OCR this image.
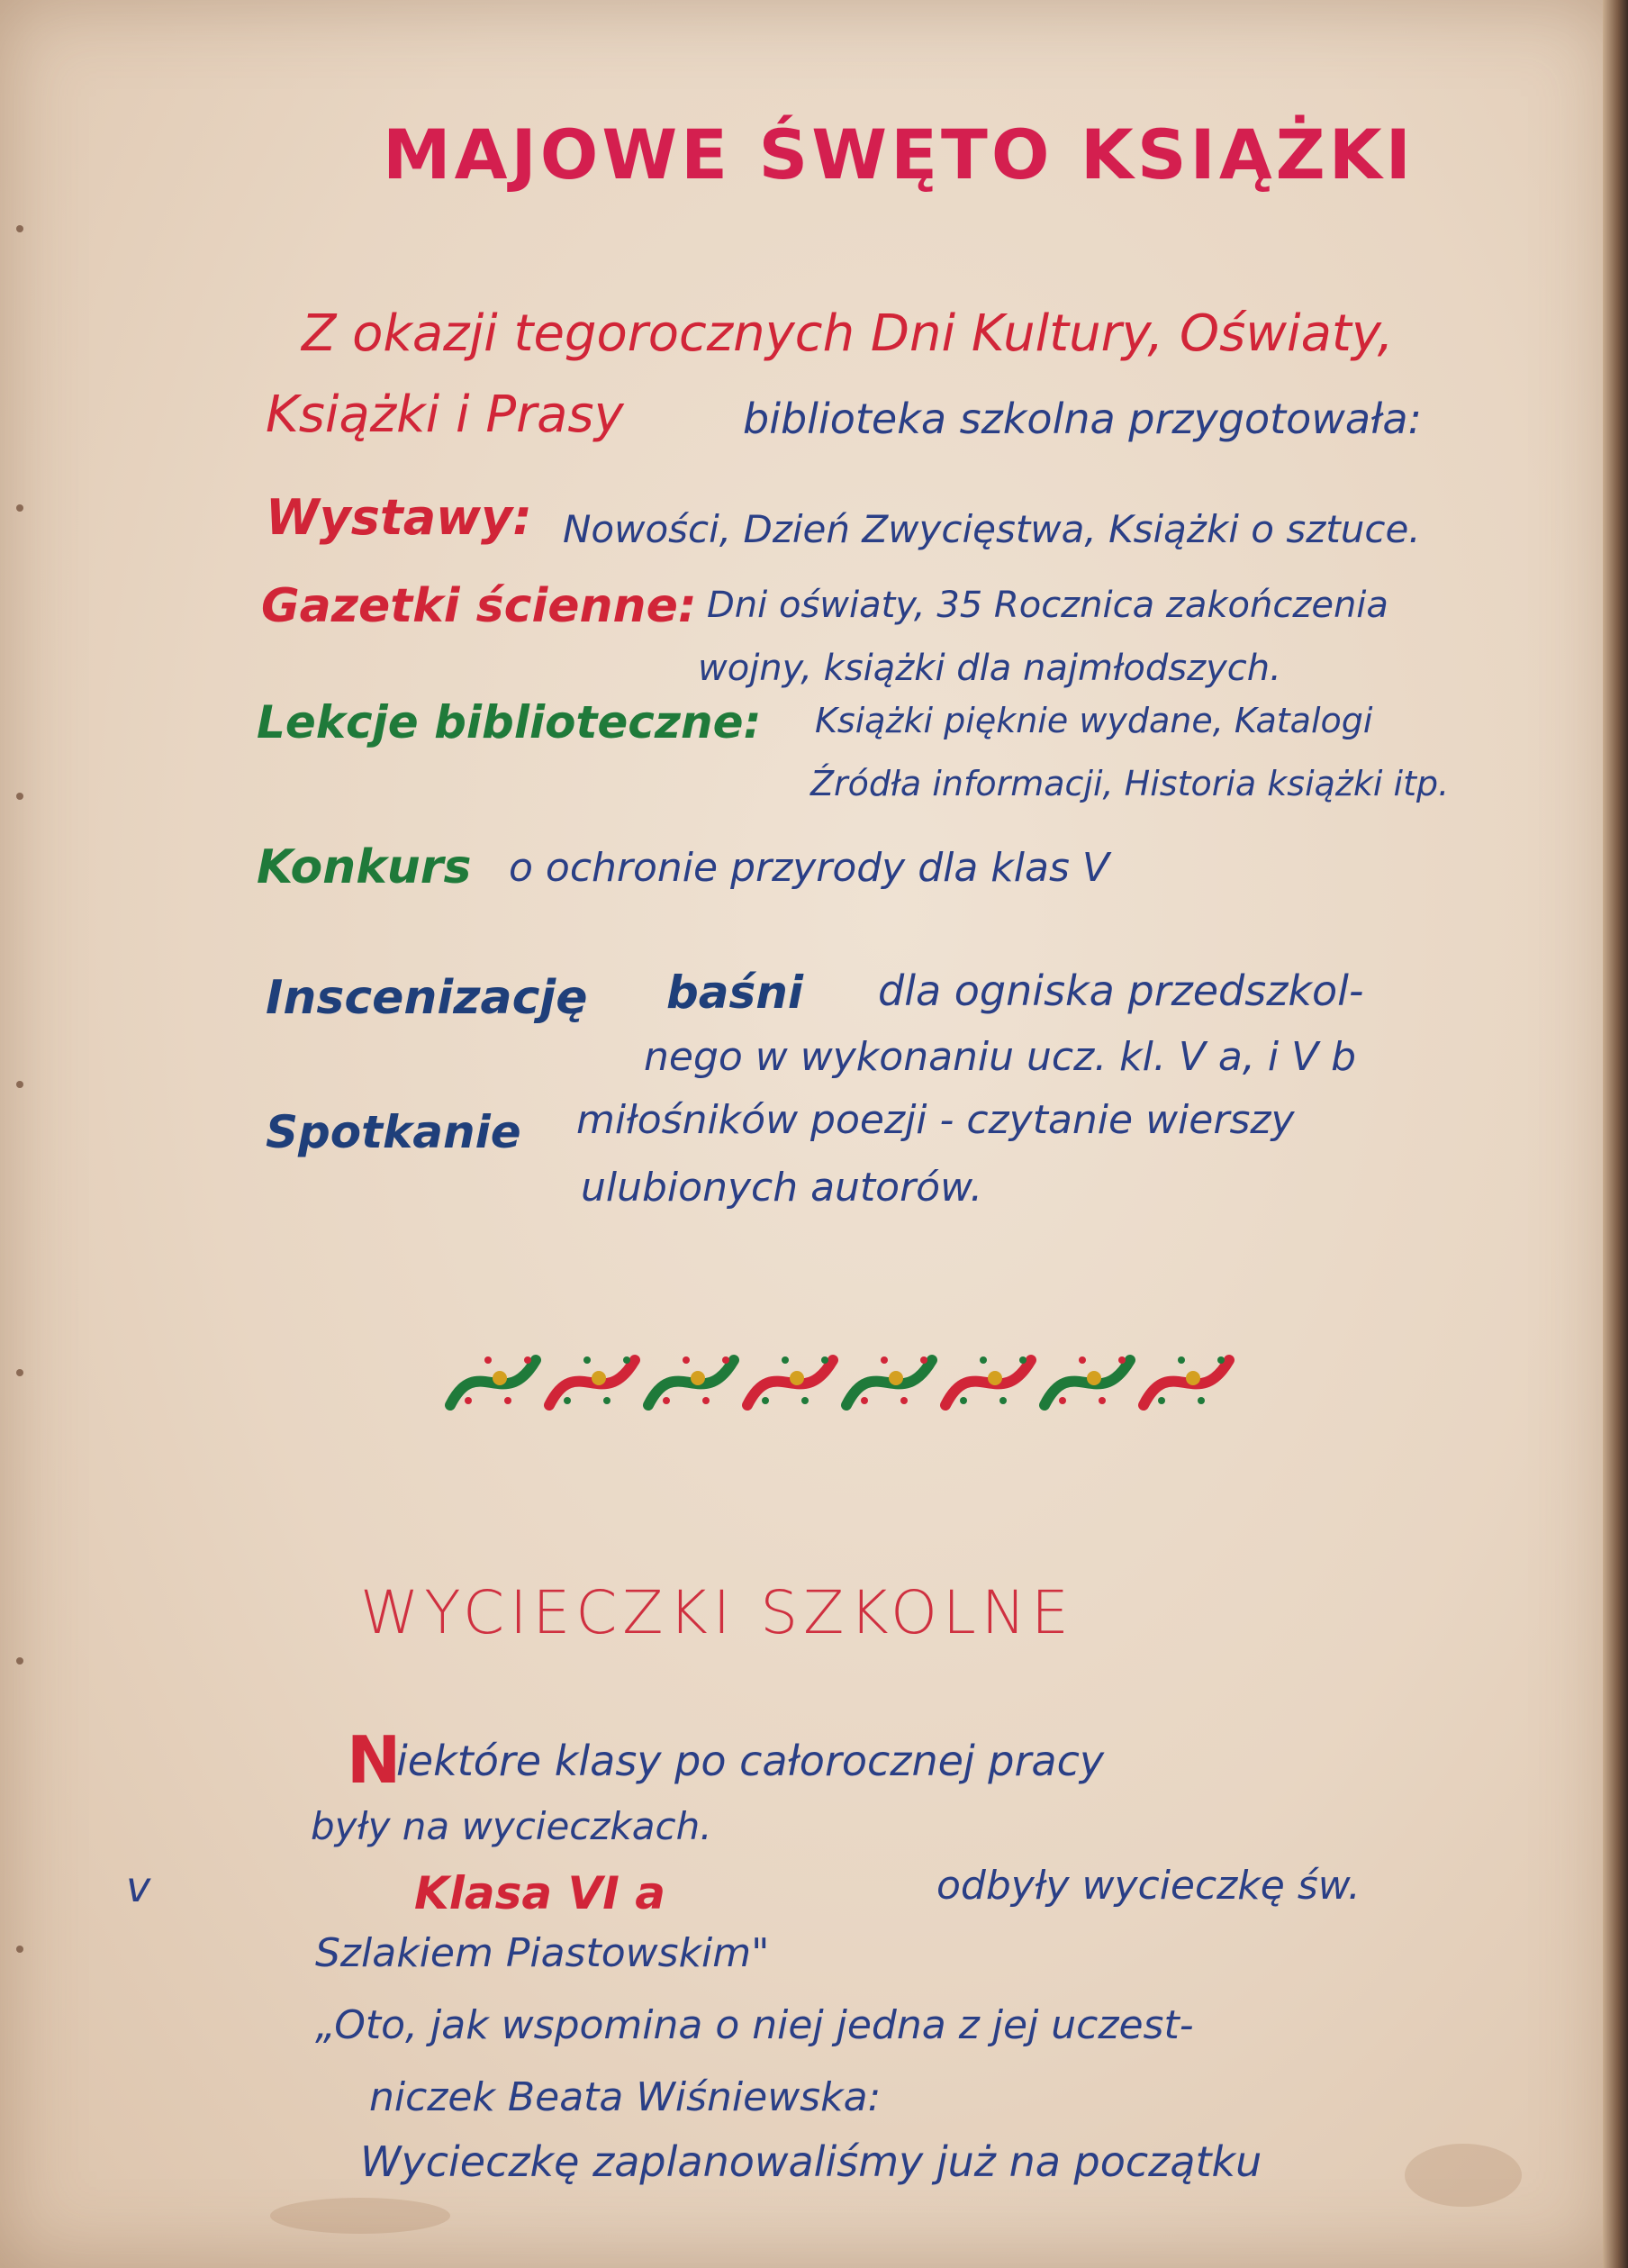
MAJOWE ŚWĘTO KSIĄŻKI
Z okazji tegorocznych Dni Kultury, Oświaty,
Książki i Prasy	biblioteka szkolna przygotowała:
Wystawy: Nowości, Dzień Zwycięstwa, Książki o sztuce.
Gazetki ścienne: Dni oświaty, 35 Rocznica zakończenia
wojny, książki dla najmłodszych.
Lekcje biblioteczne: Książki pięknie wydane, Katalogi
Źródła informacji, Historia książki itp.
Konkurs o ochronie przyrody dla klas V
Inscenizację baśni dla ogniska przedszkol-
nego w wykonaniu ucz. kl. V a, i V b
Spotkanie miłośników poezji - czytanie wierszy
ulubionych autorów.
WYCIECZKI SZKOLNE
N
iektóre klasy po całorocznej pracy
były na wycieczkach.
v	Klasa VI a	odbyły wycieczkę św.
Szlakiem Piastowskim"
„Oto, jak wspomina o niej jedna z jej uczest-
niczek Beata Wiśniewska:
Wycieczkę zaplanowaliśmy już na początku
